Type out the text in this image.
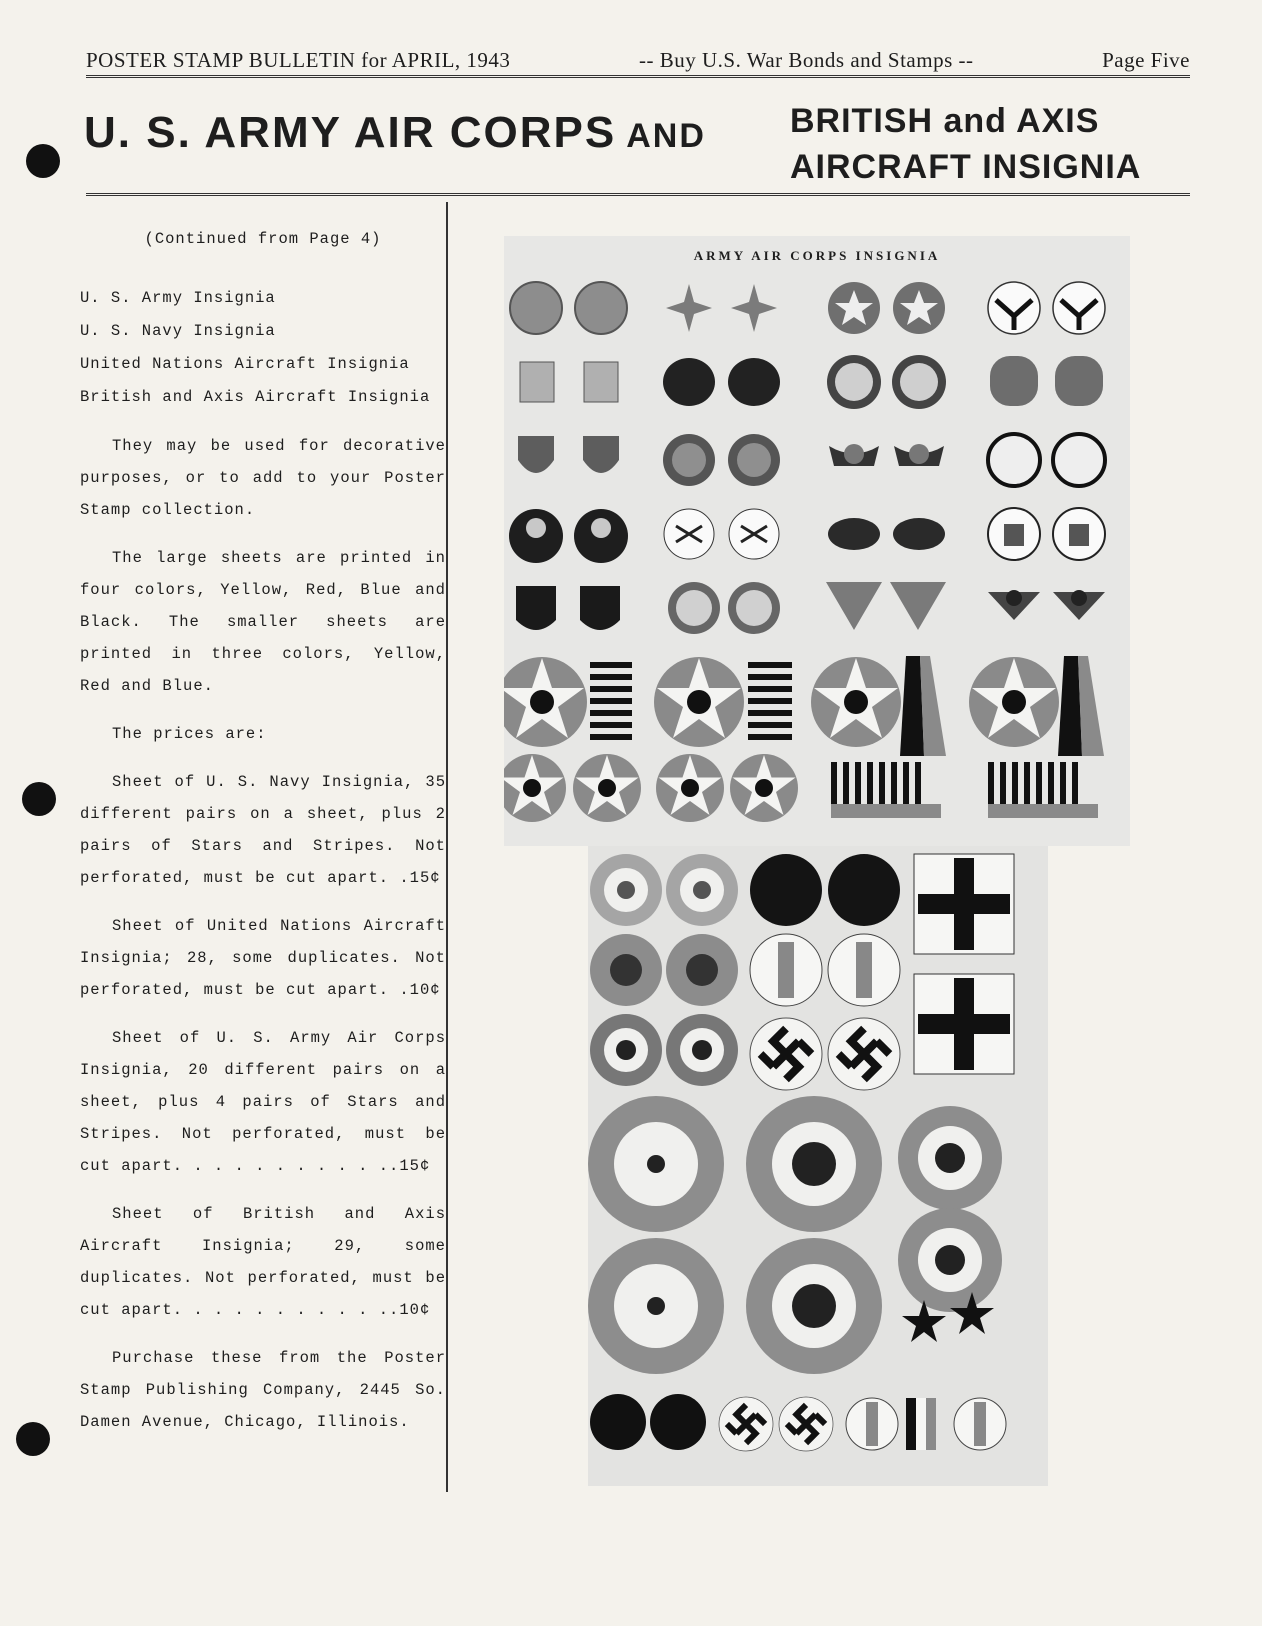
POSTER STAMP BULLETIN for APRIL, 1943	-- Buy U.S. War Bonds and Stamps --	Page Five
U. S. ARMY AIR CORPS AND BRITISH and AXIS
AIRCRAFT INSIGNIA

(Continued from Page 4)

U. S. Army Insignia
U. S. Navy Insignia
United Nations Aircraft Insignia
British and Axis Aircraft Insignia

They may be used for decorative purposes, or to add to your Poster Stamp collection.

The large sheets are printed in four colors, Yellow, Red, Blue and Black. The smaller sheets are printed in three colors, Yellow, Red and Blue.

The prices are:

Sheet of U. S. Navy Insignia, 35 different pairs on a sheet, plus 2 pairs of Stars and Stripes. Not perforated, must be cut apart. .15¢

Sheet of United Nations Aircraft Insignia; 28, some duplicates. Not perforated, must be cut apart. .10¢

Sheet of U. S. Army Air Corps Insignia, 20 different pairs on a sheet, plus 4 pairs of Stars and Stripes. Not perforated, must be cut apart. . . . . . . . . . ..15¢

Sheet of British and Axis Aircraft Insignia; 29, some duplicates. Not perforated, must be cut apart. . . . . . . . . . ..10¢

Purchase these from the Poster Stamp Publishing Company, 2445 So. Damen Avenue, Chicago, Illinois.

ARMY AIR CORPS INSIGNIA
